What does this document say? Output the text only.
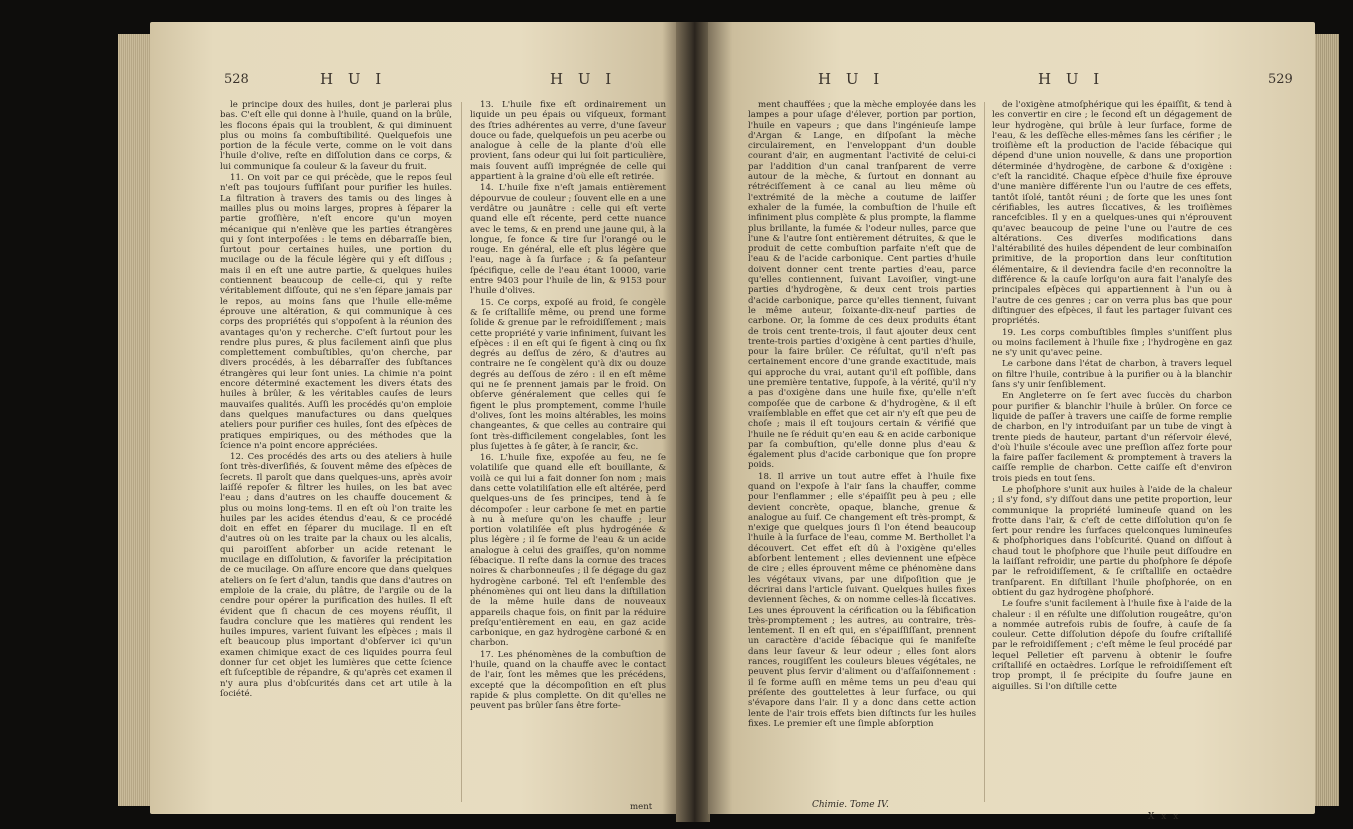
528	H U I	H U I

le principe doux des huiles, dont je parlerai plus bas. C'eſt elle qui donne à l'huile, quand on la brûle, les flocons épais qui la troublent, & qui diminuent plus ou moins ſa combuſtibilité. Quelquefois une portion de la fécule verte, comme on le voit dans l'huile d'olive, reſte en diſſolution dans ce corps, & lui communique ſa couleur & la ſaveur du fruit.

11. On voit par ce qui précède, que le repos ſeul n'eſt pas toujours ſuffiſant pour purifier les huiles. La filtration à travers des tamis ou des linges à mailles plus ou moins larges, propres à ſéparer la partie groſſière, n'eſt encore qu'un moyen mécanique qui n'enlève que les parties étrangères qui y ſont interpoſées : le tems en débarraſſe bien, ſurtout pour certaines huiles, une portion du mucilage ou de la fécule légère qui y eſt diſſous ; mais il en eſt une autre partie, & quelques huiles contiennent beaucoup de celle-ci, qui y reſte véritablement diſſoute, qui ne s'en ſépare jamais par le repos, au moins ſans que l'huile elle-même éprouve une altération, & qui communique à ces corps des propriétés qui s'oppoſent à la réunion des avantages qu'on y recherche. C'eſt ſurtout pour les rendre plus pures, & plus facilement ainſi que plus complettement combuſtibles, qu'on cherche, par divers procédés, à les débarraſſer des ſubſtances étrangères qui leur ſont unies. La chimie n'a point encore déterminé exactement les divers états des huiles à brûler, & les véritables cauſes de leurs mauvaiſes qualités. Auſſi les procédés qu'on emploie dans quelques manufactures ou dans quelques ateliers pour purifier ces huiles, ſont des eſpèces de pratiques empiriques, ou des méthodes que la ſcience n'a point encore appréciées.

12. Ces procédés des arts ou des ateliers à huile ſont très-diverſifiés, & ſouvent même des eſpèces de ſecrets. Il paroît que dans quelques-uns, après avoir laiſſé repoſer & filtrer les huiles, on les bat avec l'eau ; dans d'autres on les chauffe doucement & plus ou moins long-tems. Il en eſt où l'on traite les huiles par les acides étendus d'eau, & ce procédé doit en effet en ſéparer du mucilage. Il en eſt d'autres où on les traite par la chaux ou les alcalis, qui paroiſſent abſorber un acide retenant le mucilage en diſſolution, & favoriſer la précipitation de ce mucilage. On aſſure encore que dans quelques ateliers on ſe ſert d'alun, tandis que dans d'autres on emploie de la craie, du plâtre, de l'argile ou de la cendre pour opérer la purification des huiles. Il eſt évident que ſi chacun de ces moyens réuſſit, il faudra conclure que les matières qui rendent les huiles impures, varient ſuivant les eſpèces ; mais il eſt beaucoup plus important d'obſerver ici qu'un examen chimique exact de ces liquides pourra ſeul donner ſur cet objet les lumières que cette ſcience eſt ſuſceptible de répandre, & qu'après cet examen il n'y aura plus d'obſcurités dans cet art utile à la ſociété.

13. L'huile fixe eſt ordinairement un liquide un peu épais ou viſqueux, formant des ſtries adhérentes au verre, d'une ſaveur douce ou fade, quelquefois un peu acerbe ou analogue à celle de la plante d'où elle provient, ſans odeur qui lui ſoit particulière, mais ſouvent auſſi imprégnée de celle qui appartient à la graine d'où elle eſt retirée.

14. L'huile fixe n'eſt jamais entièrement dépourvue de couleur ; ſouvent elle en a une verdâtre ou jaunâtre : celle qui eſt verte quand elle eſt récente, perd cette nuance avec le tems, & en prend une jaune qui, à la longue, ſe fonce & tire ſur l'orangé ou le rouge. En général, elle eſt plus légère que l'eau, nage à ſa ſurface ; & ſa peſanteur ſpécifique, celle de l'eau étant 10000, varie entre 9403 pour l'huile de lin, & 9153 pour l'huile d'olives.

15. Ce corps, expoſé au froid, ſe congèle & ſe criſtalliſe même, ou prend une forme ſolide & grenue par le refroidiſſement ; mais cette propriété y varie infiniment, ſuivant les eſpèces : il en eſt qui ſe figent à cinq ou ſix degrés au deſſus de zéro, & d'autres au contraire ne ſe congèlent qu'à dix ou douze degrés au deſſous de zéro : il en eſt même qui ne ſe prennent jamais par le froid. On obſerve généralement que celles qui ſe figent le plus promptement, comme l'huile d'olives, ſont les moins altérables, les moins changeantes, & que celles au contraire qui ſont très-difficilement congelables, ſont les plus ſujettes à ſe gâter, à ſe rancir, &c.

16. L'huile fixe, expoſée au feu, ne ſe volatiliſe que quand elle eſt bouillante, & voilà ce qui lui a fait donner ſon nom ; mais dans cette volatiliſation elle eſt altérée, perd quelques-uns de ſes principes, tend à ſe décompoſer : leur carbone ſe met en partie à nu à meſure qu'on les chauffe ; leur portion volatiliſée eſt plus hydrogénée & plus légère ; il ſe forme de l'eau & un acide analogue à celui des graiſſes, qu'on nomme ſébacique. Il reſte dans la cornue des traces noires & charbonneuſes ; il ſe dégage du gaz hydrogène carboné. Tel eſt l'enſemble des phénomènes qui ont lieu dans la diſtillation de la même huile dans de nouveaux appareils chaque fois, on finit par la réduire preſqu'entièrement en eau, en gaz acide carbonique, en gaz hydrogène carboné & en charbon.

17. Les phénomènes de la combuſtion de l'huile, quand on la chauffe avec le contact de l'air, ſont les mêmes que les précédens, excepté que la décompoſition en eſt plus rapide & plus complette. On dit qu'elles ne peuvent pas brûler ſans être forte-

ment
H U I	H U I	529

ment chauffées ; que la mèche employée dans les lampes a pour uſage d'élever, portion par portion, l'huile en vapeurs ; que dans l'ingénieuſe lampe d'Argan & Lange, en diſpoſant la mèche circulairement, en l'enveloppant d'un double courant d'air, en augmentant l'activité de celui-ci par l'addition d'un canal tranſparent de verre autour de la mèche, & ſurtout en donnant au rétréciſſement à ce canal au lieu même où l'extrémité de la mèche a coutume de laiſſer exhaler de la fumée, la combuſtion de l'huile eſt infiniment plus complète & plus prompte, la flamme plus brillante, la fumée & l'odeur nulles, parce que l'une & l'autre ſont entièrement détruites, & que le produit de cette combuſtion parfaite n'eſt que de l'eau & de l'acide carbonique. Cent parties d'huile doivent donner cent trente parties d'eau, parce qu'elles contiennent, ſuivant Lavoiſier, vingt-une parties d'hydrogène, & deux cent trois parties d'acide carbonique, parce qu'elles tiennent, ſuivant le même auteur, ſoixante-dix-neuf parties de carbone. Or, la ſomme de ces deux produits étant de trois cent trente-trois, il faut ajouter deux cent trente-trois parties d'oxigène à cent parties d'huile, pour la faire brûler. Ce réſultat, qu'il n'eſt pas certainement encore d'une grande exactitude, mais qui approche du vrai, autant qu'il eſt poſſible, dans une première tentative, ſuppoſe, à la vérité, qu'il n'y a pas d'oxigène dans une huile fixe, qu'elle n'eſt compoſée que de carbone & d'hydrogène, & il eſt vraiſemblable en effet que cet air n'y eſt que peu de choſe ; mais il eſt toujours certain & vérifié que l'huile ne ſe réduit qu'en eau & en acide carbonique par ſa combuſtion, qu'elle donne plus d'eau & également plus d'acide carbonique que ſon propre poids.

18. Il arrive un tout autre effet à l'huile fixe quand on l'expoſe à l'air ſans la chauffer, comme pour l'enflammer ; elle s'épaiſſit peu à peu ; elle devient concrète, opaque, blanche, grenue & analogue au ſuif. Ce changement eſt très-prompt, & n'exige que quelques jours ſi l'on étend beaucoup l'huile à la ſurface de l'eau, comme M. Berthollet l'a découvert. Cet effet eſt dû à l'oxigène qu'elles abſorbent lentement ; elles deviennent une eſpèce de cire ; elles éprouvent même ce phénomène dans les végétaux vivans, par une diſpoſition que je décrirai dans l'article ſuivant. Quelques huiles fixes deviennent ſèches, & on nomme celles-là ſiccatives. Les unes éprouvent la cérification ou la ſébification très-promptement ; les autres, au contraire, très-lentement. Il en eſt qui, en s'épaiſſiſſant, prennent un caractère d'acide ſébacique qui ſe manifeſte dans leur ſaveur & leur odeur ; elles ſont alors rances, rougiſſent les couleurs bleues végétales, ne peuvent plus ſervir d'aliment ou d'aſſaiſonnement : il ſe forme auſſi en même tems un peu d'eau qui préſente des gouttelettes à leur ſurface, ou qui s'évapore dans l'air. Il y a donc dans cette action lente de l'air trois effets bien diſtincts ſur les huiles fixes. Le premier eſt une ſimple abſorption

de l'oxigène atmoſphérique qui les épaiſſit, & tend à les convertir en cire ; le ſecond eſt un dégagement de leur hydrogène, qui brûle à leur ſurface, forme de l'eau, & les deſſèche elles-mêmes ſans les cérifier ; le troiſième eſt la production de l'acide ſébacique qui dépend d'une union nouvelle, & dans une proportion déterminée d'hydrogène, de carbone & d'oxigène : c'eſt la rancidité. Chaque eſpèce d'huile fixe éprouve d'une manière différente l'un ou l'autre de ces effets, tantôt iſolé, tantôt réuni ; de ſorte que les unes ſont cérifiables, les autres ſiccatives, & les troiſièmes rancefcibles. Il y en a quelques-unes qui n'éprouvent qu'avec beaucoup de peine l'une ou l'autre de ces altérations. Ces diverſes modifications dans l'altérabilité des huiles dépendent de leur combinaiſon primitive, de la proportion dans leur conſtitution élémentaire, & il deviendra facile d'en reconnoître la différence & la cauſe lorſqu'on aura fait l'analyſe des principales eſpèces qui appartiennent à l'un ou à l'autre de ces genres ; car on verra plus bas que pour diſtinguer des eſpèces, il faut les partager ſuivant ces propriétés.

19. Les corps combuſtibles ſimples s'uniſſent plus ou moins facilement à l'huile fixe ; l'hydrogène en gaz ne s'y unit qu'avec peine.

Le carbone dans l'état de charbon, à travers lequel on filtre l'huile, contribue à la purifier ou à la blanchir ſans s'y unir ſenſiblement.

En Angleterre on ſe ſert avec ſuccès du charbon pour purifier & blanchir l'huile à brûler. On force ce liquide de paſſer à travers une caiſſe de forme remplie de charbon, en l'y introduiſant par un tube de vingt à trente pieds de hauteur, partant d'un réſervoir élevé, d'où l'huile s'écoule avec une preſſion aſſez forte pour la faire paſſer facilement & promptement à travers la caiſſe remplie de charbon. Cette caiſſe eſt d'environ trois pieds en tout ſens.

Le phoſphore s'unit aux huiles à l'aide de la chaleur ; il s'y fond, s'y diſſout dans une petite proportion, leur communique la propriété lumineuſe quand on les frotte dans l'air, & c'eſt de cette diſſolution qu'on ſe ſert pour rendre les ſurfaces quelconques lumineuſes & phoſphoriques dans l'obſcurité. Quand on diſſout à chaud tout le phoſphore que l'huile peut diſſoudre en la laiſſant refroidir, une partie du phoſphore ſe dépoſe par le refroidiſſement, & ſe criſtalliſe en octaèdre tranſparent. En diſtillant l'huile phoſphorée, on en obtient du gaz hydrogène phoſphoré.

Le ſoufre s'unit facilement à l'huile fixe à l'aide de la chaleur : il en réſulte une diſſolution rougeâtre, qu'on a nommée autrefois rubis de ſoufre, à cauſe de ſa couleur. Cette diſſolution dépoſe du ſoufre criſtalliſé par le refroidiſſement ; c'eſt même le ſeul procédé par lequel Pelletier eſt parvenu à obtenir le ſoufre criſtalliſé en octaèdres. Lorſque le refroidiſſement eſt trop prompt, il ſe précipite du ſoufre jaune en aiguilles. Si l'on diſtille cette

Chimie. Tome IV.
X x x
